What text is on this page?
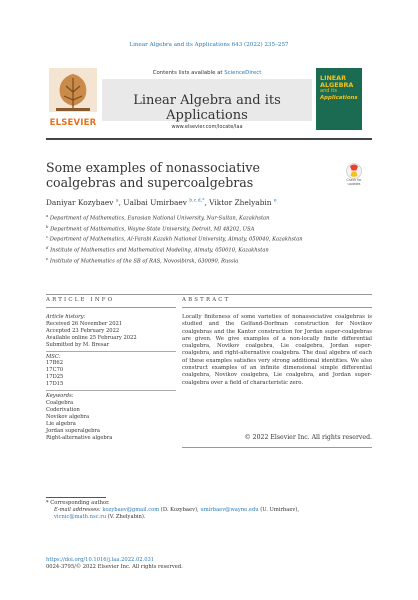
Linear Algebra and its Applications 643 (2022) 235–257
ELSEVIER
Contents lists available at ScienceDirect
Linear Algebra and its Applications
www.elsevier.com/locate/laa
LINEAR
ALGEBRA
and its
Applications
Some examples of nonassociative coalgebras and supercoalgebras	Check for updates
Daniyar Kozybaev $^a$, Ualbai Umirbaev $^{b,c,d,*}$, Viktor Zhelyabin $^e$
$^a$ Department of Mathematics, Eurasian National University, Nur-Sultan, Kazakhstan
$^b$ Department of Mathematics, Wayne State University, Detroit, MI 48202, USA
$^c$ Department of Mathematics, Al-Farabi Kazakh National University, Almaty, 050040, Kazakhstan
$^d$ Institute of Mathematics and Mathematical Modeling, Almaty, 050010, Kazakhstan
$^e$ Institute of Mathematics of the SB of RAS, Novosibirsk, 630090, Russia
ARTICLE INFO	ABSTRACT
Article history:
Received 26 November 2021
Accepted 23 February 2022
Available online 25 February 2022
Submitted by M. Bresar
MSC:
17B62
17C70
17D25
17D15
Keywords:
Coalgebra
Coderivation
Novikov algebra
Lie algebra
Jordan superalgebra
Right-alternative algebra
Locally finiteness of some varieties of nonassociative coalgebras is studied and the Gelfand-Dorfman construction for Novikov coalgebras and the Kantor construction for Jordan super-coalgebras are given. We give examples of a non-locally finite differential coalgebra, Novikov coalgebra, Lie coalgebra, Jordan super-coalgebra, and right-alternative coalgebra. The dual algebra of each of these examples satisfies very strong additional identities. We also construct examples of an infinite dimensional simple differential coalgebra, Novikov coalgebra, Lie coalgebra, and Jordan super-coalgebra over a field of characteristic zero.
© 2022 Elsevier Inc. All rights reserved.
* Corresponding author.
E-mail addresses: kozybaev@gmail.com (D. Kozybaev), umirbaev@wayne.edu (U. Umirbaev),
vicnic@math.nsc.ru (V. Zhelyabin).
https://doi.org/10.1016/j.laa.2022.02.031
0024-3795/© 2022 Elsevier Inc. All rights reserved.
